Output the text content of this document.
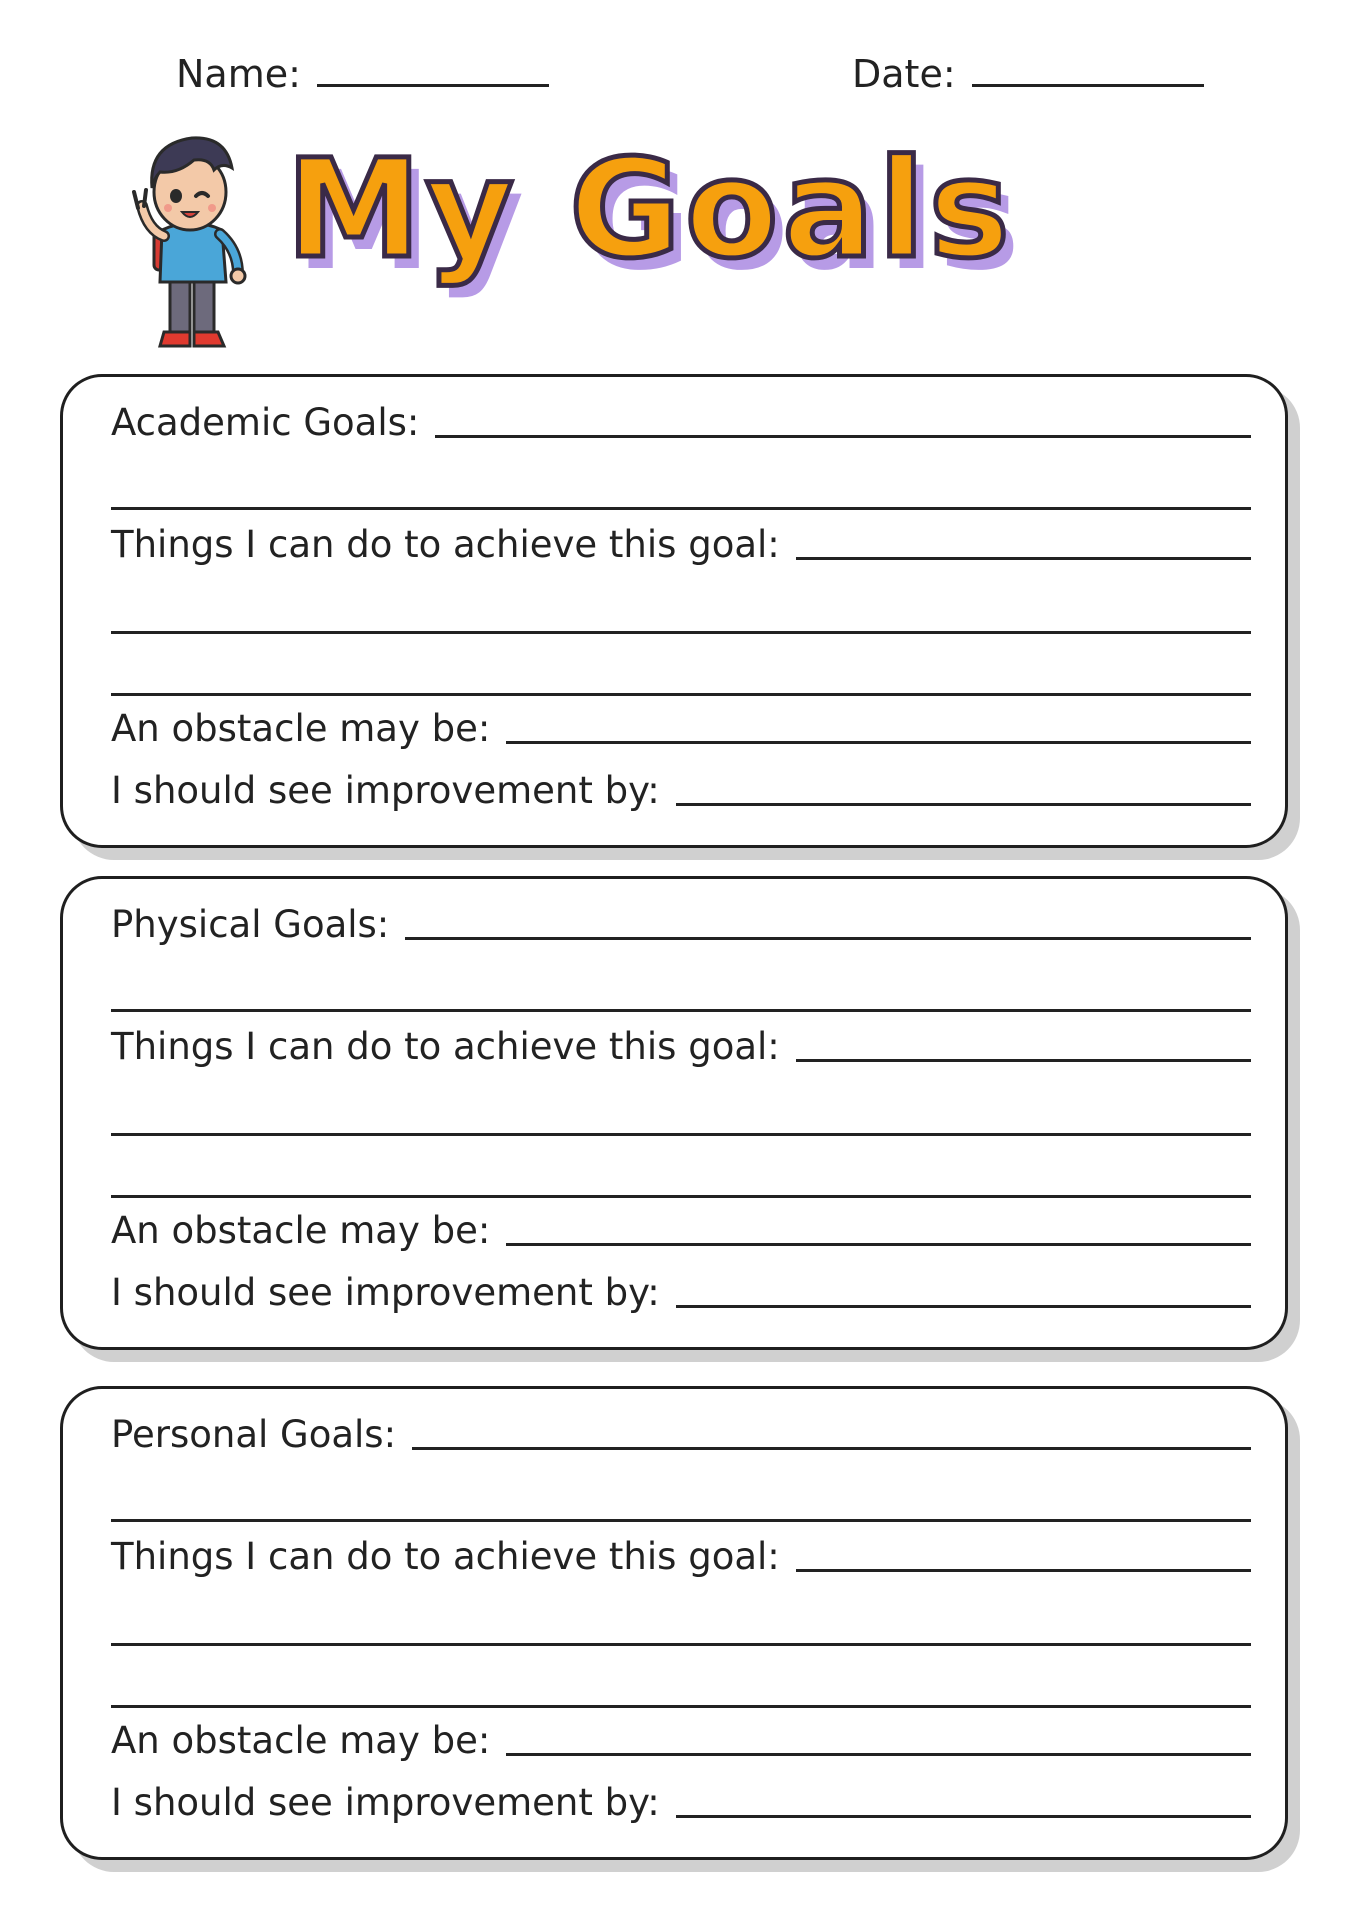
Name:	Date:
My Goals
Academic Goals:
Things I can do to achieve this goal:
An obstacle may be:
I should see improvement by:
Physical Goals:
Things I can do to achieve this goal:
An obstacle may be:
I should see improvement by:
Personal Goals:
Things I can do to achieve this goal:
An obstacle may be:
I should see improvement by:
